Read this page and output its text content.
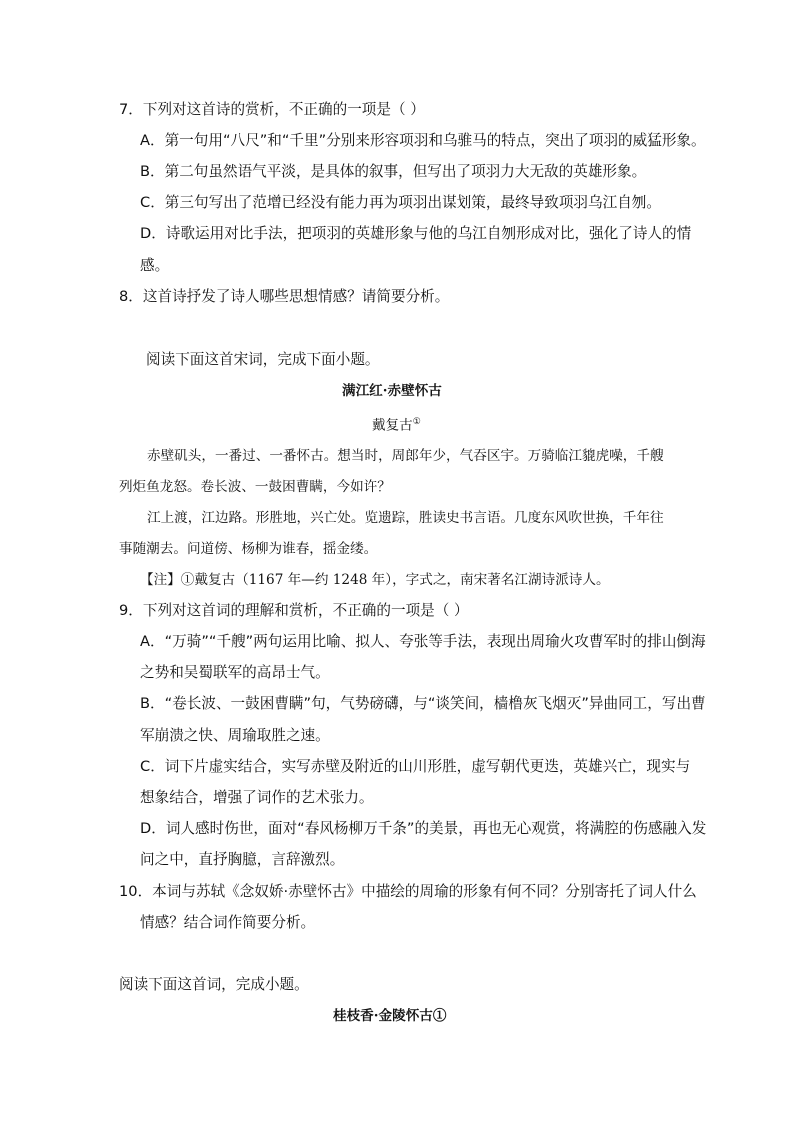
7．下列对这首诗的赏析，不正确的一项是（ ）
A．第一句用“八尺”和“千里”分别来形容项羽和乌骓马的特点，突出了项羽的威猛形象。
B．第二句虽然语气平淡，是具体的叙事，但写出了项羽力大无敌的英雄形象。
C．第三句写出了范增已经没有能力再为项羽出谋划策，最终导致项羽乌江自刎。
D．诗歌运用对比手法，把项羽的英雄形象与他的乌江自刎形成对比，强化了诗人的情
感。
8．这首诗抒发了诗人哪些思想情感？请简要分析。
阅读下面这首宋词，完成下面小题。
满江红·赤壁怀古
戴复古①
赤壁矶头，一番过、一番怀古。想当时，周郎年少，气吞区宇。万骑临江貔虎噪，千艘
列炬鱼龙怒。卷长波、一鼓困曹瞒，今如许？
江上渡，江边路。形胜地，兴亡处。览遗踪，胜读史书言语。几度东风吹世换，千年往
事随潮去。问道傍、杨柳为谁春，摇金缕。
【注】①戴复古（1167 年—约 1248 年），字式之，南宋著名江湖诗派诗人。
9．下列对这首词的理解和赏析，不正确的一项是（ ）
A．“万骑”“千艘”两句运用比喻、拟人、夸张等手法，表现出周瑜火攻曹军时的排山倒海
之势和吴蜀联军的高昂士气。
B．“卷长波、一鼓困曹瞒”句，气势磅礴，与“谈笑间，樯橹灰飞烟灭”异曲同工，写出曹
军崩溃之快、周瑜取胜之速。
C．词下片虚实结合，实写赤壁及附近的山川形胜，虚写朝代更迭，英雄兴亡，现实与
想象结合，增强了词作的艺术张力。
D．词人感时伤世，面对“春风杨柳万千条”的美景，再也无心观赏，将满腔的伤感融入发
问之中，直抒胸臆，言辞激烈。
10．本词与苏轼《念奴娇·赤壁怀古》中描绘的周瑜的形象有何不同？分别寄托了词人什么
情感？结合词作简要分析。
阅读下面这首词，完成小题。
桂枝香·金陵怀古①
